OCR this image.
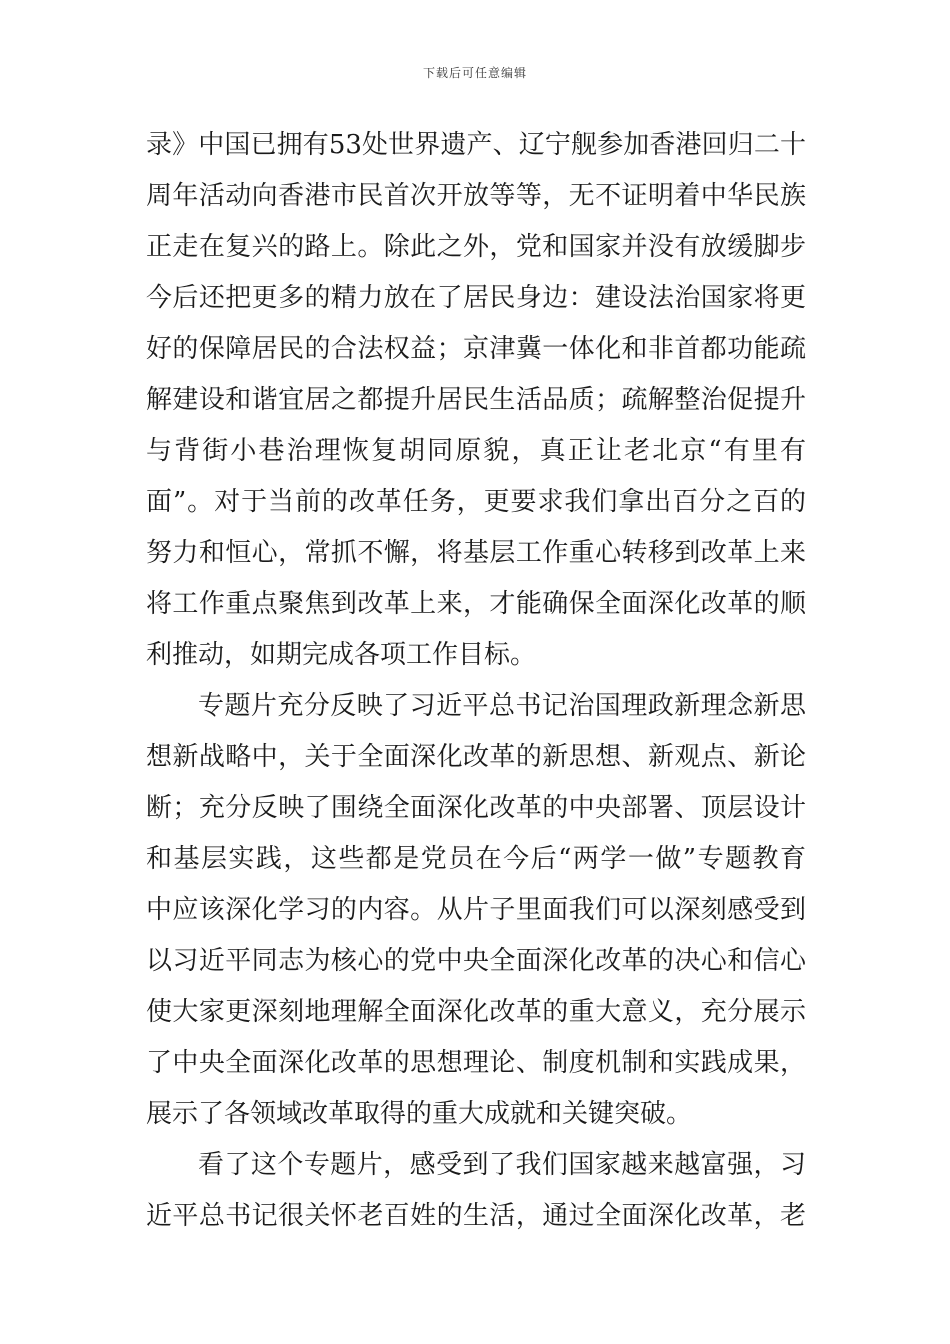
下载后可任意编辑
录》中国已拥有53处世界遗产、辽宁舰参加香港回归二十
周年活动向香港市民首次开放等等，无不证明着中华民族
正走在复兴的路上。除此之外，党和国家并没有放缓脚步
今后还把更多的精力放在了居民身边：建设法治国家将更
好的保障居民的合法权益；京津冀一体化和非首都功能疏
解建设和谐宜居之都提升居民生活品质；疏解整治促提升
与背街小巷治理恢复胡同原貌，真正让老北京“有里有
面”。对于当前的改革任务，更要求我们拿出百分之百的
努力和恒心，常抓不懈，将基层工作重心转移到改革上来
将工作重点聚焦到改革上来，才能确保全面深化改革的顺
利推动，如期完成各项工作目标。
专题片充分反映了习近平总书记治国理政新理念新思
想新战略中，关于全面深化改革的新思想、新观点、新论
断；充分反映了围绕全面深化改革的中央部署、顶层设计
和基层实践，这些都是党员在今后“两学一做”专题教育
中应该深化学习的内容。从片子里面我们可以深刻感受到
以习近平同志为核心的党中央全面深化改革的决心和信心
使大家更深刻地理解全面深化改革的重大意义，充分展示
了中央全面深化改革的思想理论、制度机制和实践成果，
展示了各领域改革取得的重大成就和关键突破。
看了这个专题片，感受到了我们国家越来越富强，习
近平总书记很关怀老百姓的生活，通过全面深化改革，老
